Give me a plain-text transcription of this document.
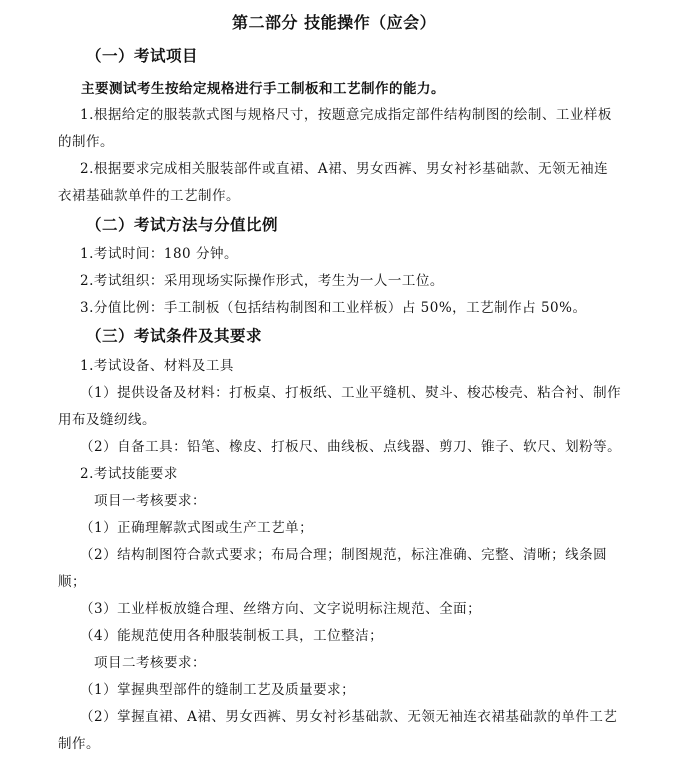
第二部分 技能操作（应会）
（一）考试项目
主要测试考生按给定规格进行手工制板和工艺制作的能力。
1.根据给定的服装款式图与规格尺寸，按题意完成指定部件结构制图的绘制、工业样板
的制作。
2.根据要求完成相关服装部件或直裙、A裙、男女西裤、男女衬衫基础款、无领无袖连
衣裙基础款单件的工艺制作。
（二）考试方法与分值比例
1.考试时间：180 分钟。
2.考试组织：采用现场实际操作形式，考生为一人一工位。
3.分值比例：手工制板（包括结构制图和工业样板）占 50%，工艺制作占 50%。
（三）考试条件及其要求
1.考试设备、材料及工具
（1）提供设备及材料：打板桌、打板纸、工业平缝机、熨斗、梭芯梭壳、粘合衬、制作
用布及缝纫线。
（2）自备工具：铅笔、橡皮、打板尺、曲线板、点线器、剪刀、锥子、软尺、划粉等。
2.考试技能要求
项目一考核要求：
（1）正确理解款式图或生产工艺单；
（2）结构制图符合款式要求；布局合理；制图规范，标注准确、完整、清晰；线条圆
顺；
（3）工业样板放缝合理、丝绺方向、文字说明标注规范、全面；
（4）能规范使用各种服装制板工具，工位整洁；
项目二考核要求：
（1）掌握典型部件的缝制工艺及质量要求；
（2）掌握直裙、A裙、男女西裤、男女衬衫基础款、无领无袖连衣裙基础款的单件工艺
制作。
